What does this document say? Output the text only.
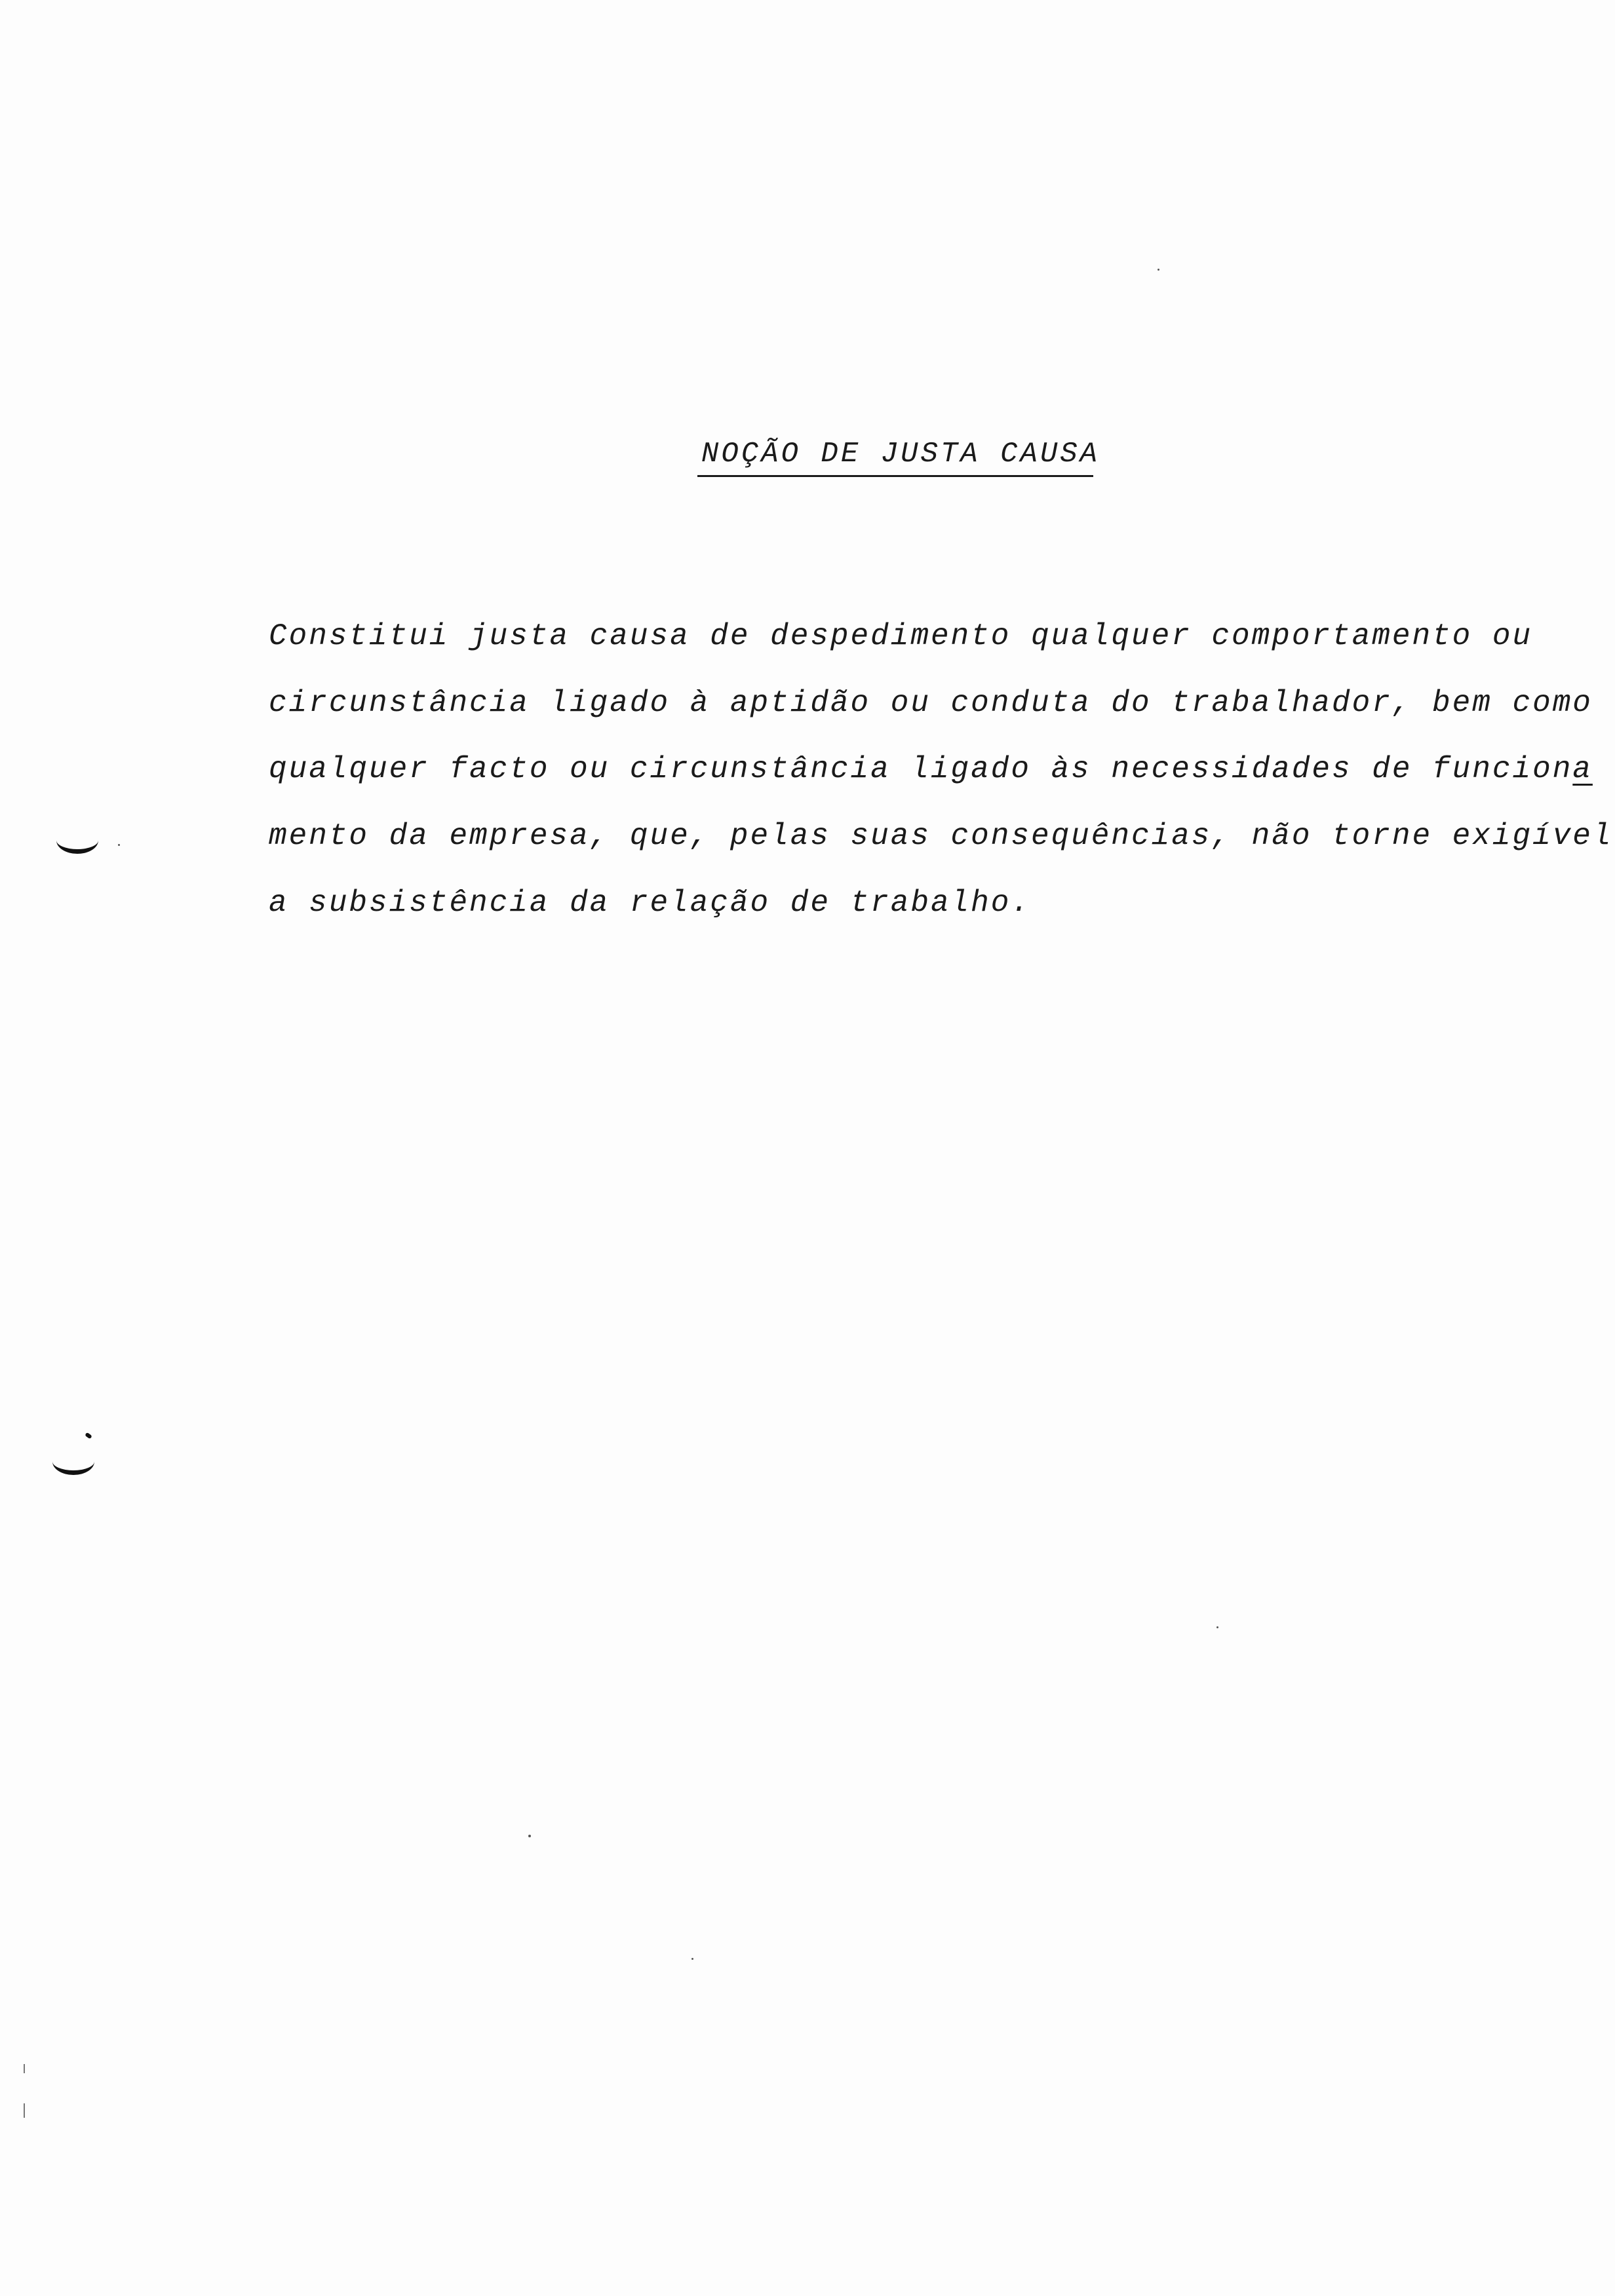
NOÇÃO DE JUSTA CAUSA
Constitui justa causa de despedimento qualquer comportamento ou
circunstância ligado à aptidão ou conduta do trabalhador, bem como
qualquer facto ou circunstância ligado às necessidades de funciona
mento da empresa, que, pelas suas consequências, não torne exigível
a subsistência da relação de trabalho.
